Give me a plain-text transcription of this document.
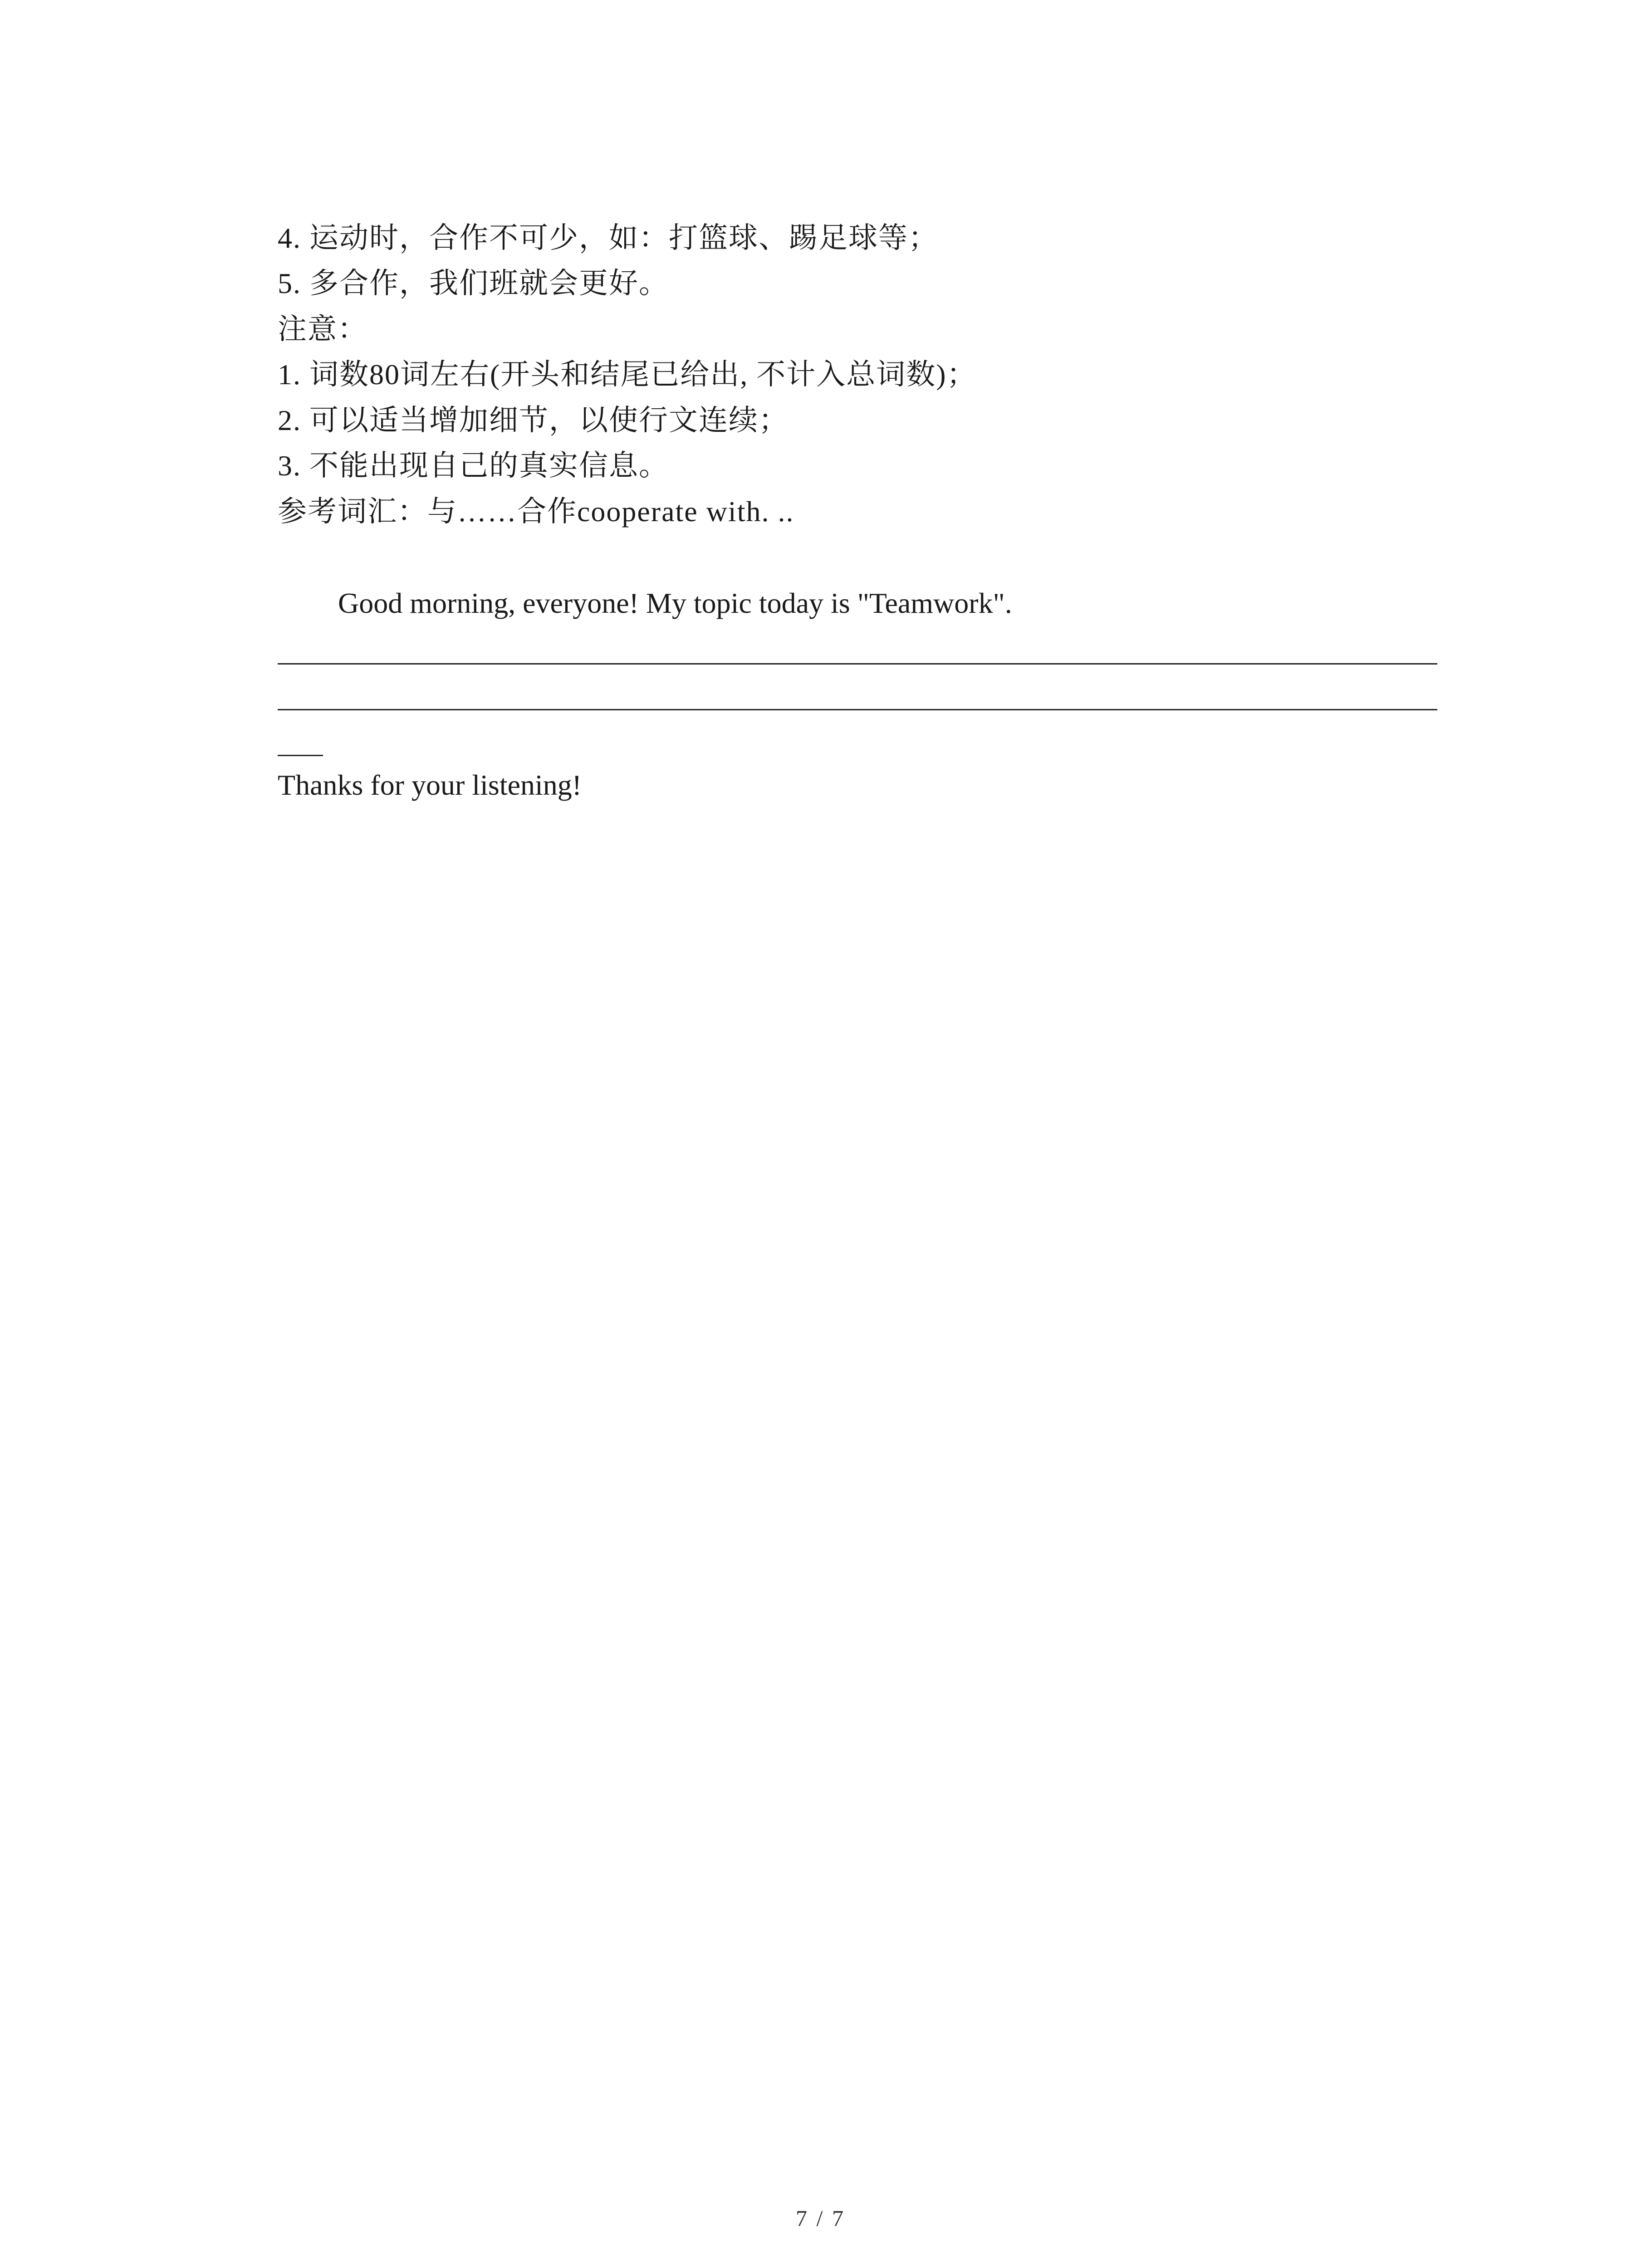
4. 运动时，合作不可少，如：打篮球、踢足球等；
5. 多合作，我们班就会更好。
注意：
1. 词数80词左右(开头和结尾已给出, 不计入总词数)；
2. 可以适当增加细节，以使行文连续；
3. 不能出现自己的真实信息。
参考词汇：与……合作cooperate with. ..
Good morning, everyone! My topic today is "Teamwork".
Thanks for your listening!
7 / 7
